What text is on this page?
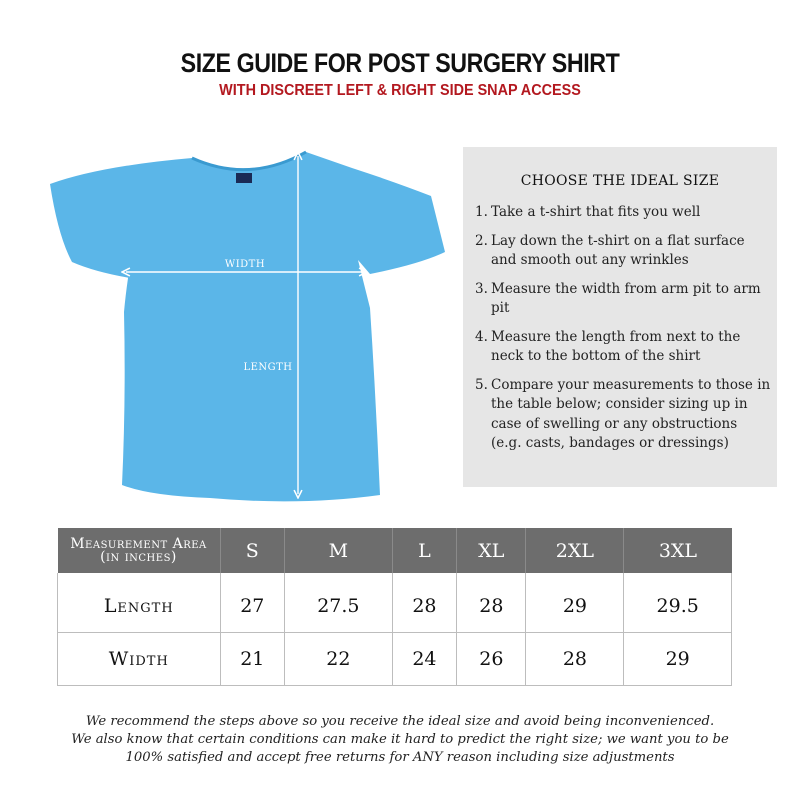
SIZE GUIDE FOR POST SURGERY SHIRT
WITH DISCREET LEFT & RIGHT SIDE SNAP ACCESS
WIDTH
LENGTH
CHOOSE THE IDEAL SIZE
1. Take a t-shirt that fits you well
2. Lay down the t-shirt on a flat surface and smooth out any wrinkles
3. Measure the width from arm pit to arm pit
4. Measure the length from next to the neck to the bottom of the shirt
5. Compare your measurements to those in the table below; consider sizing up in case of swelling or any obstructions (e.g. casts, bandages or dressings)
Measurement Area
(in inches)	S	M	L	XL	2XL	3XL
Length	27	27.5	28	28	29	29.5
Width	21	22	24	26	28	29
We recommend the steps above so you receive the ideal size and avoid being inconvenienced.
We also know that certain conditions can make it hard to predict the right size; we want you to be
100% satisfied and accept free returns for ANY reason including size adjustments
